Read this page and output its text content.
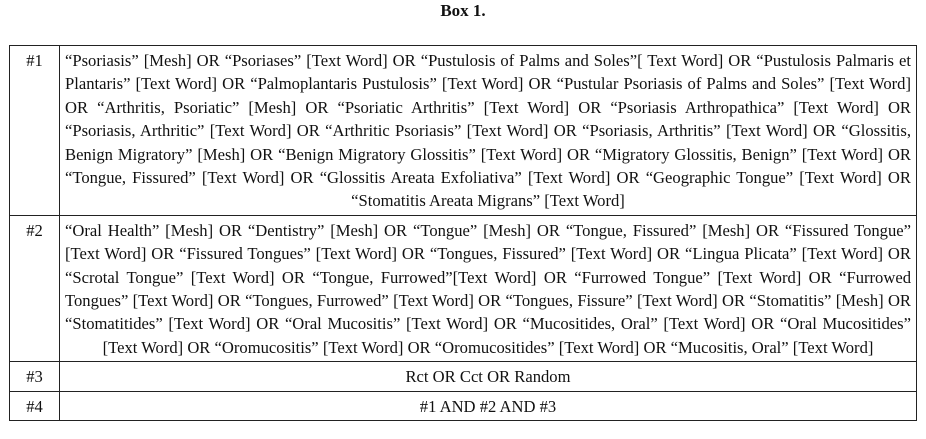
Box 1.
#1	“Psoriasis” [Mesh] OR “Psoriases” [Text Word] OR “Pustulosis of Palms and Soles”[ Text Word] OR “Pustulosis Palmaris et Plantaris” [Text Word] OR “Palmoplantaris Pustulosis” [Text Word] OR “Pustular Psoriasis of Palms and Soles” [Text Word] OR “Arthritis, Psoriatic” [Mesh] OR “Psoriatic Arthritis” [Text Word] OR “Psoriasis Arthropathica” [Text Word] OR “Psoriasis, Arthritic” [Text Word] OR “Arthritic Psoriasis” [Text Word] OR “Psoriasis, Arthritis” [Text Word] OR “Glossitis, Benign Migratory” [Mesh] OR “Benign Migratory Glossitis” [Text Word] OR “Migratory Glossitis, Benign” [Text Word] OR “Tongue, Fissured” [Text Word] OR “Glossitis Areata Exfoliativa” [Text Word] OR “Geographic Tongue” [Text Word] OR “Stomatitis Areata Migrans” [Text Word]
#2	“Oral Health” [Mesh] OR “Dentistry” [Mesh] OR “Tongue” [Mesh] OR “Tongue, Fissured” [Mesh] OR “Fissured Tongue” [Text Word] OR “Fissured Tongues” [Text Word] OR “Tongues, Fissured” [Text Word] OR “Lingua Plicata” [Text Word] OR “Scrotal Tongue” [Text Word] OR “Tongue, Furrowed”[Text Word] OR “Furrowed Tongue” [Text Word] OR “Furrowed Tongues” [Text Word] OR “Tongues, Furrowed” [Text Word] OR “Tongues, Fissure” [Text Word] OR “Stomatitis” [Mesh] OR “Stomatitides” [Text Word] OR “Oral Mucositis” [Text Word] OR “Mucositides, Oral” [Text Word] OR “Oral Mucositides” [Text Word] OR “Oromucositis” [Text Word] OR “Oromucositides” [Text Word] OR “Mucositis, Oral” [Text Word]
#3	Rct OR Cct OR Random
#4	#1 AND #2 AND #3
